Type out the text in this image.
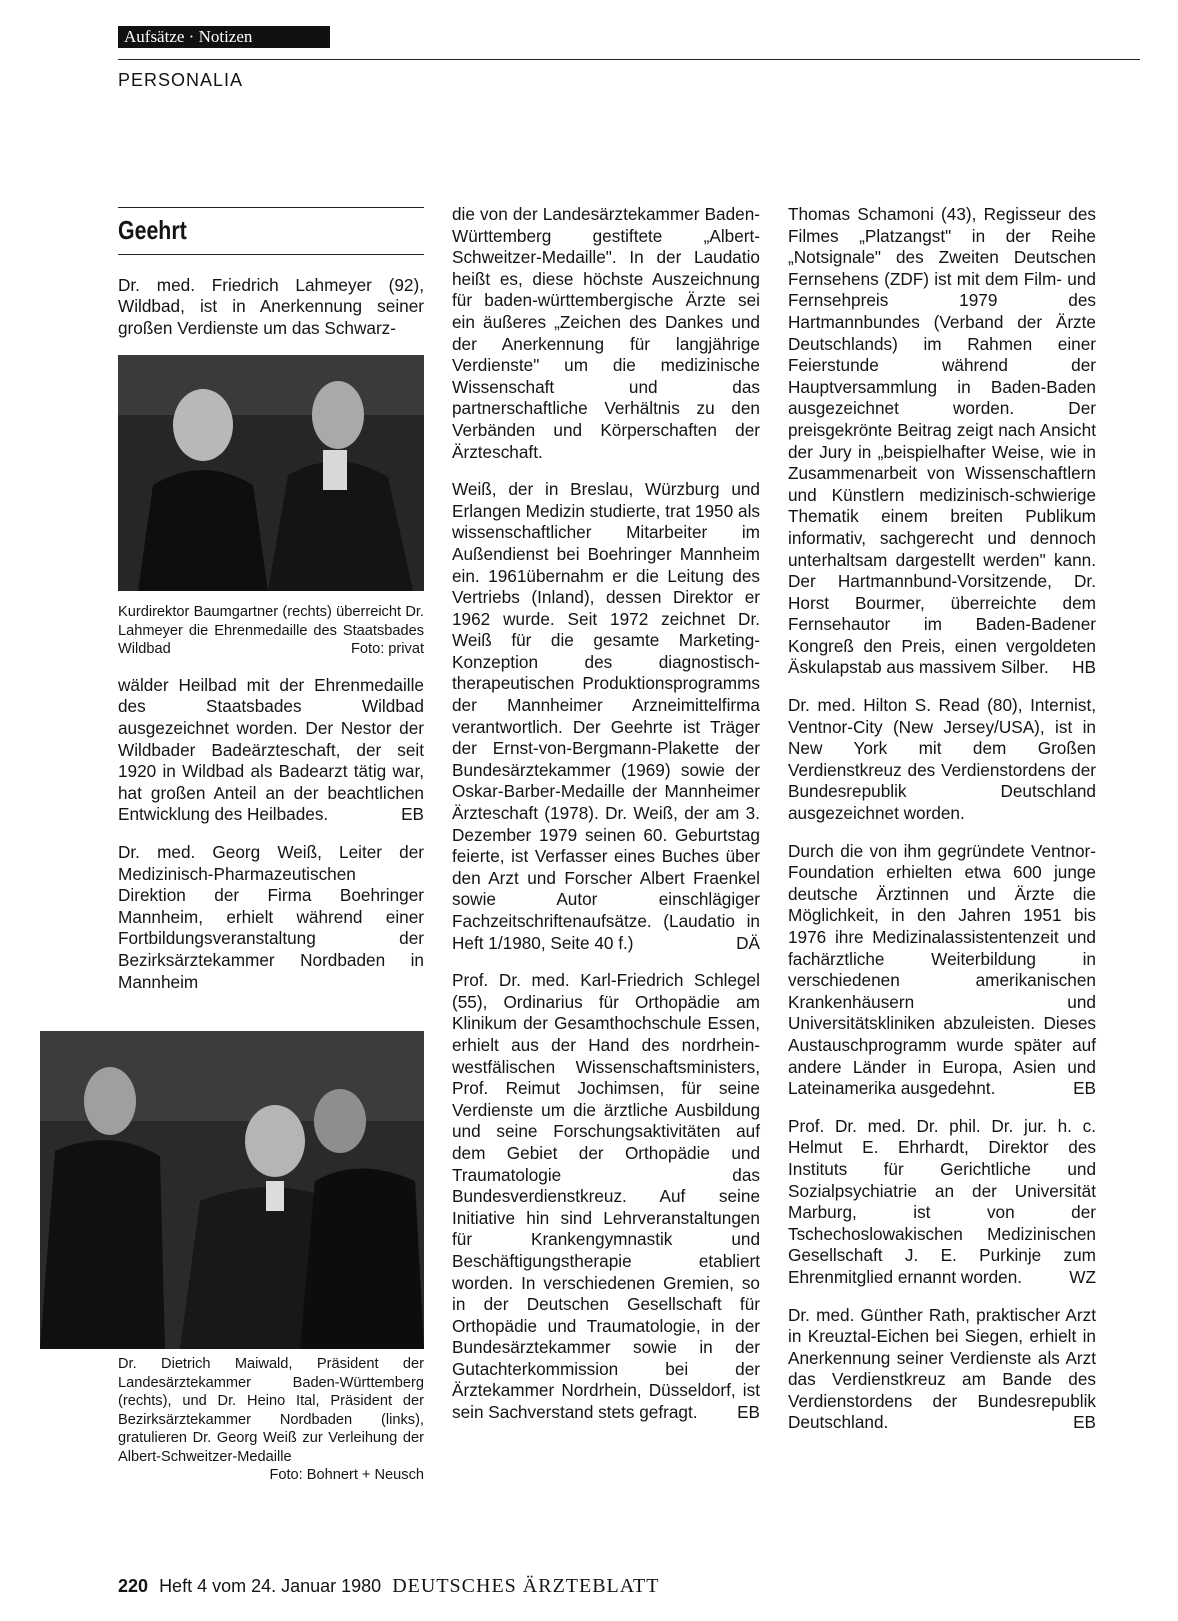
Aufsätze · Notizen
PERSONALIA
Geehrt

Dr. med. Friedrich Lahmeyer (92), Wildbad, ist in Anerkennung seiner großen Verdienste um das Schwarz-

Kurdirektor Baumgartner (rechts) überreicht Dr. Lahmeyer die Ehrenmedaille des Staatsbades Wildbad	Foto: privat

wälder Heilbad mit der Ehrenmedaille des Staatsbades Wildbad ausgezeichnet worden. Der Nestor der Wildbader Badeärzteschaft, der seit 1920 in Wildbad als Badearzt tätig war, hat großen Anteil an der beachtlichen Entwicklung des Heilbades.	EB

Dr. med. Georg Weiß, Leiter der Medizinisch-Pharmazeutischen Direktion der Firma Boehringer Mannheim, erhielt während einer Fortbildungsveranstaltung der Bezirksärztekammer Nordbaden in Mannheim

Dr. Dietrich Maiwald, Präsident der Landesärztekammer Baden-Württemberg (rechts), und Dr. Heino Ital, Präsident der Bezirksärztekammer Nordbaden (links), gratulieren Dr. Georg Weiß zur Verleihung der Albert-Schweitzer-Medaille
Foto: Bohnert + Neusch

die von der Landesärztekammer Baden-Württemberg gestiftete „Albert-Schweitzer-Medaille". In der Laudatio heißt es, diese höchste Auszeichnung für baden-württembergische Ärzte sei ein äußeres „Zeichen des Dankes und der Anerkennung für langjährige Verdienste" um die medizinische Wissenschaft und das partnerschaftliche Verhältnis zu den Verbänden und Körperschaften der Ärzteschaft.

Weiß, der in Breslau, Würzburg und Erlangen Medizin studierte, trat 1950 als wissenschaftlicher Mitarbeiter im Außendienst bei Boehringer Mannheim ein. 1961übernahm er die Leitung des Vertriebs (Inland), dessen Direktor er 1962 wurde. Seit 1972 zeichnet Dr. Weiß für die gesamte Marketing-Konzeption des diagnostisch-therapeutischen Produktionsprogramms der Mannheimer Arzneimittelfirma verantwortlich. Der Geehrte ist Träger der Ernst-von-Bergmann-Plakette der Bundesärztekammer (1969) sowie der Oskar-Barber-Medaille der Mannheimer Ärzteschaft (1978). Dr. Weiß, der am 3. Dezember 1979 seinen 60. Geburtstag feierte, ist Verfasser eines Buches über den Arzt und Forscher Albert Fraenkel sowie Autor einschlägiger Fachzeitschriftenaufsätze. (Laudatio in Heft 1/1980, Seite 40 f.)	DÄ

Prof. Dr. med. Karl-Friedrich Schlegel (55), Ordinarius für Orthopädie am Klinikum der Gesamthochschule Essen, erhielt aus der Hand des nordrhein-westfälischen Wissenschaftsministers, Prof. Reimut Jochimsen, für seine Verdienste um die ärztliche Ausbildung und seine Forschungsaktivitäten auf dem Gebiet der Orthopädie und Traumatologie das Bundesverdienstkreuz. Auf seine Initiative hin sind Lehrveranstaltungen für Krankengymnastik und Beschäftigungstherapie etabliert worden. In verschiedenen Gremien, so in der Deutschen Gesellschaft für Orthopädie und Traumatologie, in der Bundesärztekammer sowie in der Gutachterkommission bei der Ärztekammer Nordrhein, Düsseldorf, ist sein Sachverstand stets gefragt. EB

Thomas Schamoni (43), Regisseur des Filmes „Platzangst" in der Reihe „Notsignale" des Zweiten Deutschen Fernsehens (ZDF) ist mit dem Film- und Fernsehpreis 1979 des Hartmannbundes (Verband der Ärzte Deutschlands) im Rahmen einer Feierstunde während der Hauptversammlung in Baden-Baden ausgezeichnet worden. Der preisgekrönte Beitrag zeigt nach Ansicht der Jury in „beispielhafter Weise, wie in Zusammenarbeit von Wissenschaftlern und Künstlern medizinisch-schwierige Thematik einem breiten Publikum informativ, sachgerecht und dennoch unterhaltsam dargestellt werden" kann. Der Hartmannbund-Vorsitzende, Dr. Horst Bourmer, überreichte dem Fernsehautor im Baden-Badener Kongreß den Preis, einen vergoldeten Äskulapstab aus massivem Silber. HB

Dr. med. Hilton S. Read (80), Internist, Ventnor-City (New Jersey/USA), ist in New York mit dem Großen Verdienstkreuz des Verdienstordens der Bundesrepublik Deutschland ausgezeichnet worden.

Durch die von ihm gegründete Ventnor-Foundation erhielten etwa 600 junge deutsche Ärztinnen und Ärzte die Möglichkeit, in den Jahren 1951 bis 1976 ihre Medizinalassistentenzeit und fachärztliche Weiterbildung in verschiedenen amerikanischen Krankenhäusern und Universitätskliniken abzuleisten. Dieses Austauschprogramm wurde später auf andere Länder in Europa, Asien und Lateinamerika ausgedehnt.	EB

Prof. Dr. med. Dr. phil. Dr. jur. h. c. Helmut E. Ehrhardt, Direktor des Instituts für Gerichtliche und Sozialpsychiatrie an der Universität Marburg, ist von der Tschechoslowakischen Medizinischen Gesellschaft J. E. Purkinje zum Ehrenmitglied ernannt worden.	WZ

Dr. med. Günther Rath, praktischer Arzt in Kreuztal-Eichen bei Siegen, erhielt in Anerkennung seiner Verdienste als Arzt das Verdienstkreuz am Bande des Verdienstordens der Bundesrepublik Deutschland.	EB

220 Heft 4 vom 24. Januar 1980 DEUTSCHES ÄRZTEBLATT
